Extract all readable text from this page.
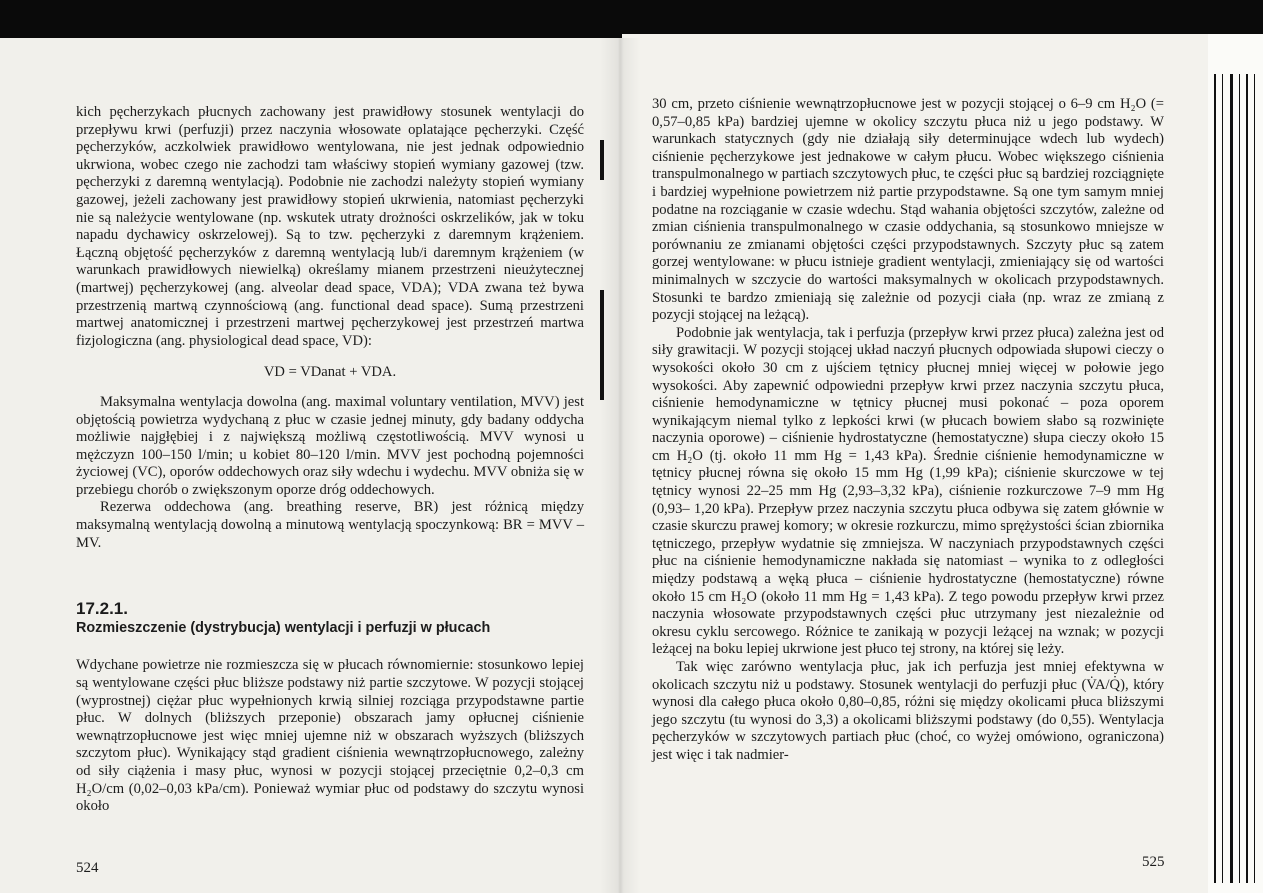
kich pęcherzykach płucnych zachowany jest prawidłowy stosunek wentylacji do przepływu krwi (perfuzji) przez naczynia włosowate oplatające pęcherzyki. Część pęcherzyków, aczkolwiek prawidłowo wentylowana, nie jest jednak odpowiednio ukrwiona, wobec czego nie zachodzi tam właściwy stopień wymiany gazowej (tzw. pęcherzyki z daremną wentylacją). Podobnie nie zachodzi należyty stopień wymiany gazowej, jeżeli zachowany jest prawidłowy stopień ukrwienia, natomiast pęcherzyki nie są należycie wentylowane (np. wskutek utraty drożności oskrzelików, jak w toku napadu dychawicy oskrzelowej). Są to tzw. pęcherzyki z daremnym krążeniem. Łączną objętość pęcherzyków z daremną wentylacją lub/i daremnym krążeniem (w warunkach prawidłowych niewielką) określamy mianem przestrzeni nieużytecznej (martwej) pęcherzykowej (ang. alveolar dead space, VDA); VDA zwana też bywa przestrzenią martwą czynnościową (ang. functional dead space). Sumą przestrzeni martwej anatomicznej i przestrzeni martwej pęcherzykowej jest przestrzeń martwa fizjologiczna (ang. physiological dead space, VD):

VD = VDanat + VDA.

Maksymalna wentylacja dowolna (ang. maximal voluntary ventilation, MVV) jest objętością powietrza wydychaną z płuc w czasie jednej minuty, gdy badany oddycha możliwie najgłębiej i z największą możliwą częstotliwością. MVV wynosi u mężczyzn 100–150 l/min; u kobiet 80–120 l/min. MVV jest pochodną pojemności życiowej (VC), oporów oddechowych oraz siły wdechu i wydechu. MVV obniża się w przebiegu chorób o zwiększonym oporze dróg oddechowych.

Rezerwa oddechowa (ang. breathing reserve, BR) jest różnicą między maksymalną wentylacją dowolną a minutową wentylacją spoczynkową: BR = MVV – MV.

17.2.1.

Rozmieszczenie (dystrybucja) wentylacji i perfuzji w płucach

Wdychane powietrze nie rozmieszcza się w płucach równomiernie: stosunkowo lepiej są wentylowane części płuc bliższe podstawy niż partie szczytowe. W pozycji stojącej (wyprostnej) ciężar płuc wypełnionych krwią silniej rozciąga przypodstawne partie płuc. W dolnych (bliższych przeponie) obszarach jamy opłucnej ciśnienie wewnątrzopłucnowe jest więc mniej ujemne niż w obszarach wyższych (bliższych szczytom płuc). Wynikający stąd gradient ciśnienia wewnątrzopłucnowego, zależny od siły ciążenia i masy płuc, wynosi w pozycji stojącej przeciętnie 0,2–0,3 cm H₂O/cm (0,02–0,03 kPa/cm). Ponieważ wymiar płuc od podstawy do szczytu wynosi około

524

30 cm, przeto ciśnienie wewnątrzopłucnowe jest w pozycji stojącej o 6–9 cm H₂O (= 0,57–0,85 kPa) bardziej ujemne w okolicy szczytu płuca niż u jego podstawy. W warunkach statycznych (gdy nie działają siły determinujące wdech lub wydech) ciśnienie pęcherzykowe jest jednakowe w całym płucu. Wobec większego ciśnienia transpulmonalnego w partiach szczytowych płuc, te części płuc są bardziej rozciągnięte i bardziej wypełnione powietrzem niż partie przypodstawne. Są one tym samym mniej podatne na rozciąganie w czasie wdechu. Stąd wahania objętości szczytów, zależne od zmian ciśnienia transpulmonalnego w czasie oddychania, są stosunkowo mniejsze w porównaniu ze zmianami objętości części przypodstawnych. Szczyty płuc są zatem gorzej wentylowane: w płucu istnieje gradient wentylacji, zmieniający się od wartości minimalnych w szczycie do wartości maksymalnych w okolicach przypodstawnych. Stosunki te bardzo zmieniają się zależnie od pozycji ciała (np. wraz ze zmianą z pozycji stojącej na leżącą).

Podobnie jak wentylacja, tak i perfuzja (przepływ krwi przez płuca) zależna jest od siły grawitacji. W pozycji stojącej układ naczyń płucnych odpowiada słupowi cieczy o wysokości około 30 cm z ujściem tętnicy płucnej mniej więcej w połowie jego wysokości. Aby zapewnić odpowiedni przepływ krwi przez naczynia szczytu płuca, ciśnienie hemodynamiczne w tętnicy płucnej musi pokonać – poza oporem wynikającym niemal tylko z lepkości krwi (w płucach bowiem słabo są rozwinięte naczynia oporowe) – ciśnienie hydrostatyczne (hemostatyczne) słupa cieczy około 15 cm H₂O (tj. około 11 mm Hg = 1,43 kPa). Średnie ciśnienie hemodynamiczne w tętnicy płucnej równa się około 15 mm Hg (1,99 kPa); ciśnienie skurczowe w tej tętnicy wynosi 22–25 mm Hg (2,93–3,32 kPa), ciśnienie rozkurczowe 7–9 mm Hg (0,93– 1,20 kPa). Przepływ przez naczynia szczytu płuca odbywa się zatem głównie w czasie skurczu prawej komory; w okresie rozkurczu, mimo sprężystości ścian zbiornika tętniczego, przepływ wydatnie się zmniejsza. W naczyniach przypodstawnych części płuc na ciśnienie hemodynamiczne nakłada się natomiast – wynika to z odległości między podstawą a węką płuca – ciśnienie hydrostatyczne (hemostatyczne) równe około 15 cm H₂O (około 11 mm Hg = 1,43 kPa). Z tego powodu przepływ krwi przez naczynia włosowate przypodstawnych części płuc utrzymany jest niezależnie od okresu cyklu sercowego. Różnice te zanikają w pozycji leżącej na wznak; w pozycji leżącej na boku lepiej ukrwione jest płuco tej strony, na której się leży.

Tak więc zarówno wentylacja płuc, jak ich perfuzja jest mniej efektywna w okolicach szczytu niż u podstawy. Stosunek wentylacji do perfuzji płuc (V̇A/Q̇), który wynosi dla całego płuca około 0,80–0,85, różni się między okolicami płuca bliższymi jego szczytu (tu wynosi do 3,3) a okolicami bliższymi podstawy (do 0,55). Wentylacja pęcherzyków w szczytowych partiach płuc (choć, co wyżej omówiono, ograniczona) jest więc i tak nadmier-

525
